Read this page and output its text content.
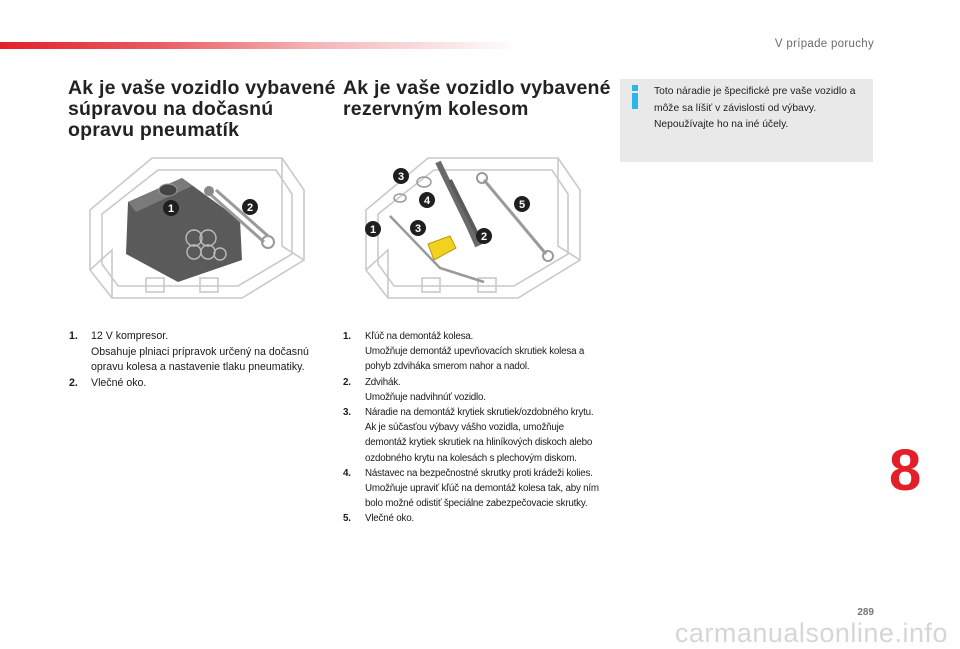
V prípade poruchy
Ak je vaše vozidlo vybavené súpravou na dočasnú opravu pneumatík
Ak je vaše vozidlo vybavené rezervným kolesom
Toto náradie je špecifické pre vaše vozidlo a môže sa líšiť v závislosti od výbavy. Nepoužívajte ho na iné účely.
1	2
3
4
1	3
2
5
1. 12 V kompresor.
Obsahuje plniaci prípravok určený na dočasnú opravu kolesa a nastavenie tlaku pneumatiky.
2. Vlečné oko.
1. Kľúč na demontáž kolesa.
Umožňuje demontáž upevňovacích skrutiek kolesa a pohyb zdviháka smerom nahor a nadol.
2. Zdvihák.
Umožňuje nadvihnúť vozidlo.
3. Náradie na demontáž krytiek skrutiek/ozdobného krytu.
Ak je súčasťou výbavy vášho vozidla, umožňuje demontáž krytiek skrutiek na hliníkových diskoch alebo ozdobného krytu na kolesách s plechovým diskom.
4. Nástavec na bezpečnostné skrutky proti krádeži kolies.
Umožňuje upraviť kľúč na demontáž kolesa tak, aby ním bolo možné odistiť špeciálne zabezpečovacie skrutky.
5. Vlečné oko.
8
289
carmanualsonline.info
